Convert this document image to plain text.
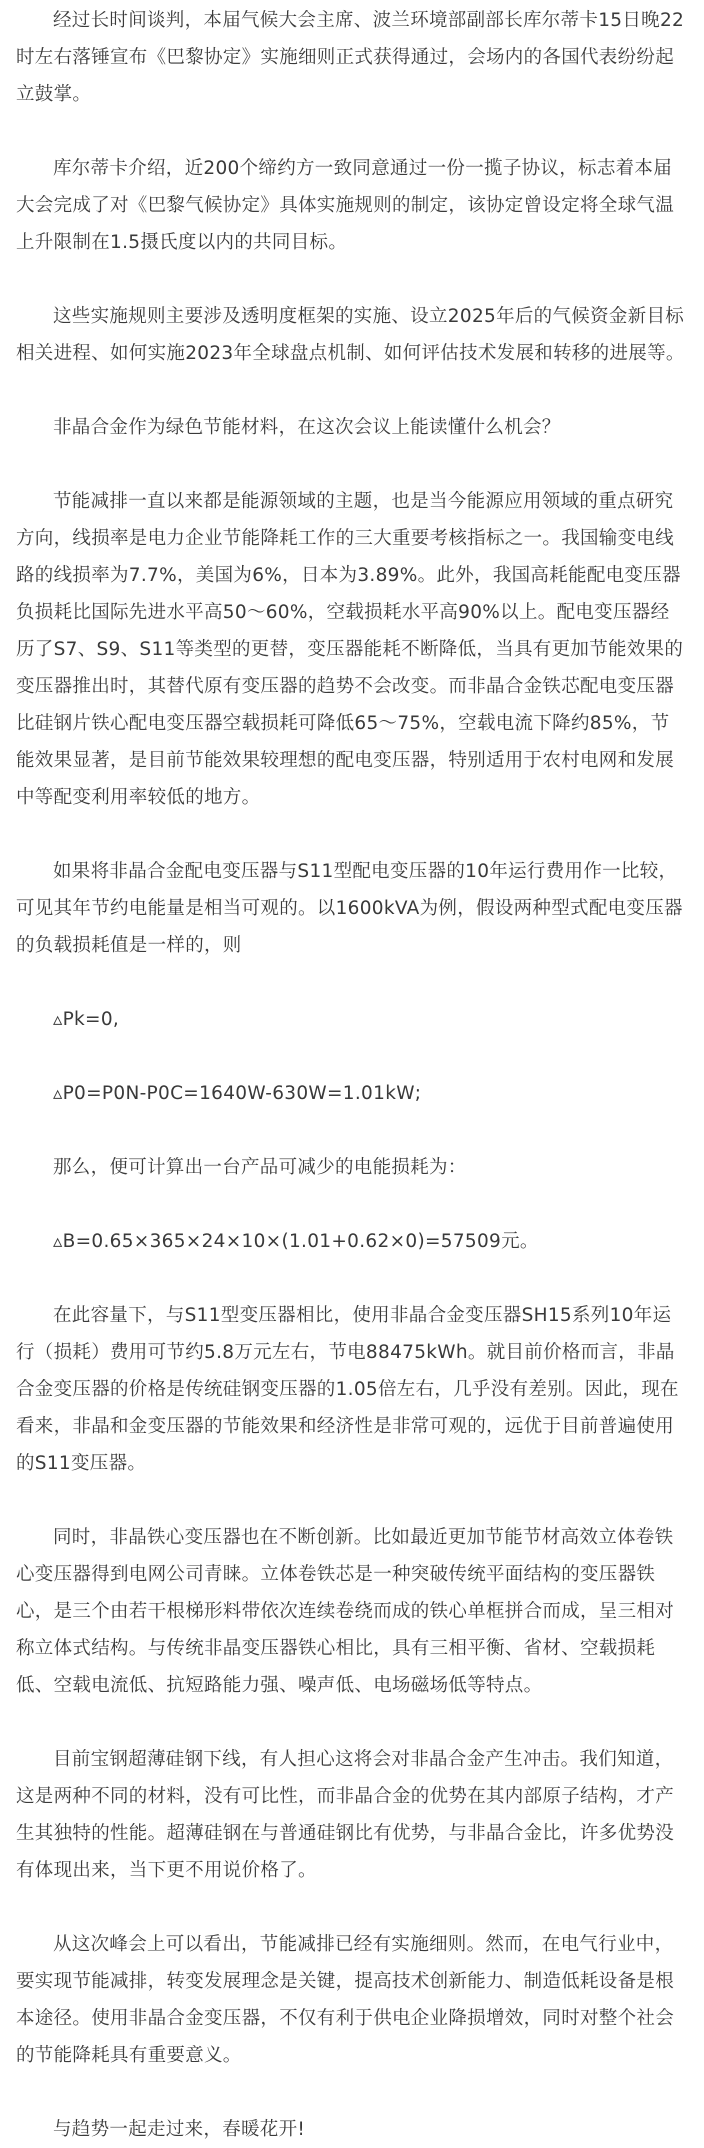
经过长时间谈判，本届气候大会主席、波兰环境部副部长库尔蒂卡15日晚22时左右落锤宣布《巴黎协定》实施细则正式获得通过，会场内的各国代表纷纷起立鼓掌。

库尔蒂卡介绍，近200个缔约方一致同意通过一份一揽子协议，标志着本届大会完成了对《巴黎气候协定》具体实施规则的制定，该协定曾设定将全球气温上升限制在1.5摄氏度以内的共同目标。

这些实施规则主要涉及透明度框架的实施、设立2025年后的气候资金新目标相关进程、如何实施2023年全球盘点机制、如何评估技术发展和转移的进展等。

非晶合金作为绿色节能材料，在这次会议上能读懂什么机会？

节能减排一直以来都是能源领域的主题，也是当今能源应用领域的重点研究方向，线损率是电力企业节能降耗工作的三大重要考核指标之一。我国输变电线路的线损率为7.7%，美国为6%，日本为3.89%。此外，我国高耗能配电变压器负损耗比国际先进水平高50～60%，空载损耗水平高90%以上。配电变压器经历了S7、S9、S11等类型的更替，变压器能耗不断降低，当具有更加节能效果的变压器推出时，其替代原有变压器的趋势不会改变。而非晶合金铁芯配电变压器比硅钢片铁心配电变压器空载损耗可降低65～75%，空载电流下降约85%，节能效果显著，是目前节能效果较理想的配电变压器，特别适用于农村电网和发展中等配变利用率较低的地方。

如果将非晶合金配电变压器与S11型配电变压器的10年运行费用作一比较，可见其年节约电能量是相当可观的。以1600kVA为例，假设两种型式配电变压器的负载损耗值是一样的，则

▵Pk=0,

▵P0=P0N-P0C=1640W-630W=1.01kW;

那么，便可计算出一台产品可减少的电能损耗为：

▵B=0.65×365×24×10×(1.01+0.62×0)=57509元。

在此容量下，与S11型变压器相比，使用非晶合金变压器SH15系列10年运行（损耗）费用可节约5.8万元左右，节电88475kWh。就目前价格而言，非晶合金变压器的价格是传统硅钢变压器的1.05倍左右，几乎没有差别。因此，现在看来，非晶和金变压器的节能效果和经济性是非常可观的，远优于目前普遍使用的S11变压器。

同时，非晶铁心变压器也在不断创新。比如最近更加节能节材高效立体卷铁心变压器得到电网公司青睐。立体卷铁芯是一种突破传统平面结构的变压器铁心，是三个由若干根梯形料带依次连续卷绕而成的铁心单框拼合而成，呈三相对称立体式结构。与传统非晶变压器铁心相比，具有三相平衡、省材、空载损耗低、空载电流低、抗短路能力强、噪声低、电场磁场低等特点。

目前宝钢超薄硅钢下线，有人担心这将会对非晶合金产生冲击。我们知道，这是两种不同的材料，没有可比性，而非晶合金的优势在其内部原子结构，才产生其独特的性能。超薄硅钢在与普通硅钢比有优势，与非晶合金比，许多优势没有体现出来，当下更不用说价格了。

从这次峰会上可以看出，节能减排已经有实施细则。然而，在电气行业中，要实现节能减排，转变发展理念是关键，提高技术创新能力、制造低耗设备是根本途径。使用非晶合金变压器，不仅有利于供电企业降损增效，同时对整个社会的节能降耗具有重要意义。

与趋势一起走过来，春暖花开!
